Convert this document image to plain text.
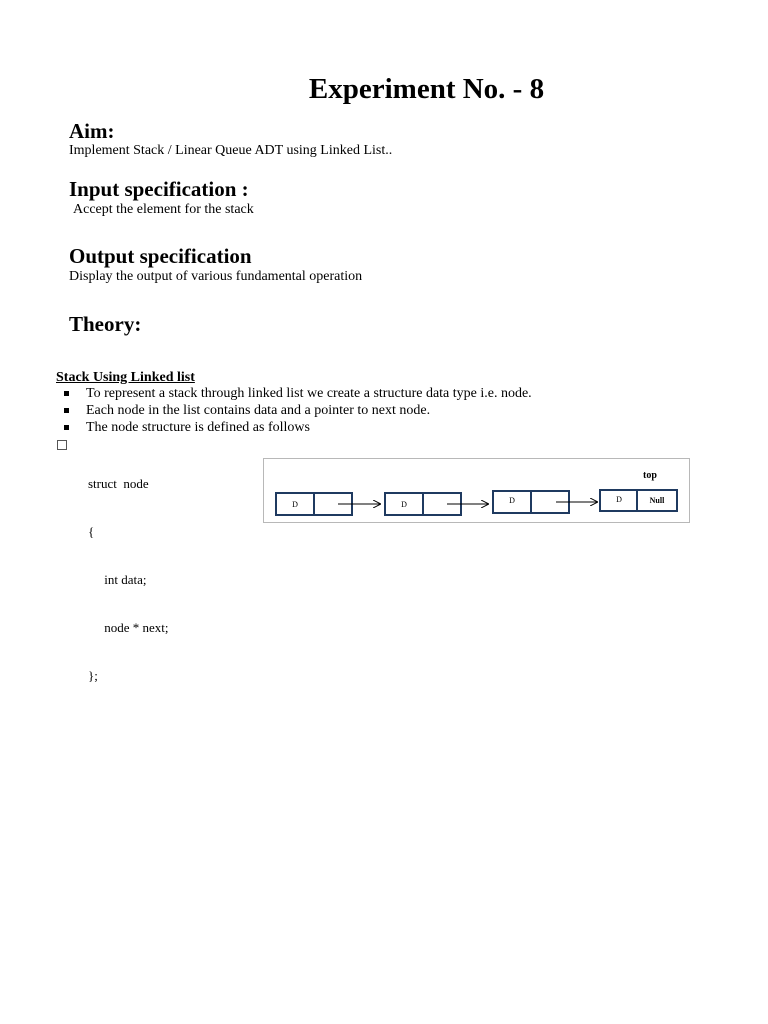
Experiment No. - 8
Aim:
Implement Stack / Linear Queue ADT using Linked List..
Input specification :
Accept the element for the stack
Output specification
Display the output of various fundamental operation
Theory:
Stack Using Linked list
To represent a stack through linked list we create a structure data type i.e. node.
Each node in the list contains data and a pointer to next node.
The node structure is defined as follows

struct  node

{

int data;

node * next;

};

D	D	D	D	Null
top
